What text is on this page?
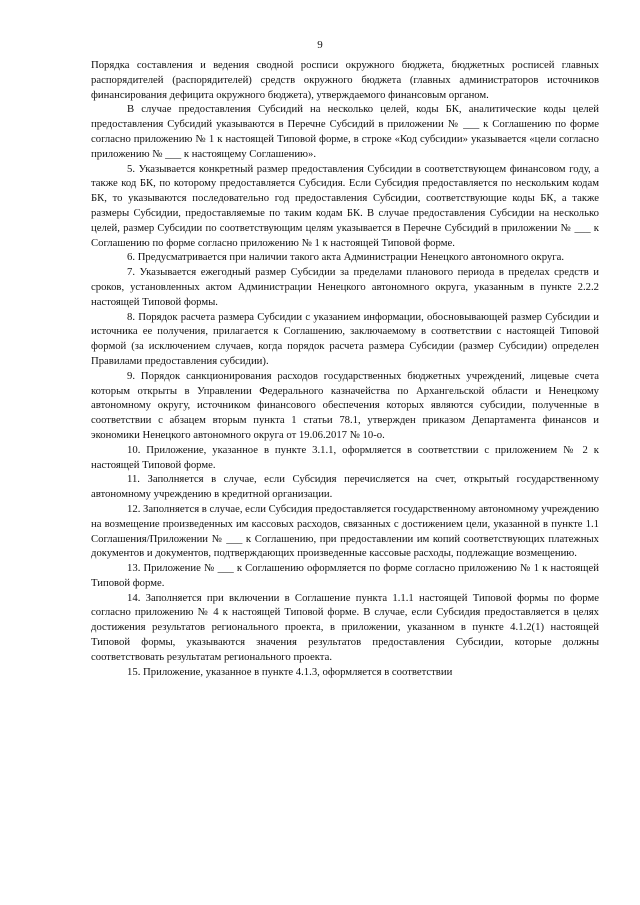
9

Порядка составления и ведения сводной росписи окружного бюджета, бюджетных росписей главных распорядителей (распорядителей) средств окружного бюджета (главных администраторов источников финансирования дефицита окружного бюджета), утверждаемого финансовым органом.

В случае предоставления Субсидий на несколько целей, коды БК, аналитические коды целей предоставления Субсидий указываются в Перечне Субсидий в приложении № ___ к Соглашению по форме согласно приложению № 1 к настоящей Типовой форме, в строке «Код субсидии» указывается «цели согласно приложению № ___ к настоящему Соглашению».

5. Указывается конкретный размер предоставления Субсидии в соответствующем финансовом году, а также код БК, по которому предоставляется Субсидия. Если Субсидия предоставляется по нескольким кодам БК, то указываются последовательно год предоставления Субсидии, соответствующие коды БК, а также размеры Субсидии, предоставляемые по таким кодам БК. В случае предоставления Субсидии на несколько целей, размер Субсидии по соответствующим целям указывается в Перечне Субсидий в приложении № ___ к Соглашению по форме согласно приложению № 1 к настоящей Типовой форме.

6. Предусматривается при наличии такого акта Администрации Ненецкого автономного округа.

7. Указывается ежегодный размер Субсидии за пределами планового периода в пределах средств и сроков, установленных актом Администрации Ненецкого автономного округа, указанным в пункте 2.2.2 настоящей Типовой формы.

8. Порядок расчета размера Субсидии с указанием информации, обосновывающей размер Субсидии и источника ее получения, прилагается к Соглашению, заключаемому в соответствии с настоящей Типовой формой (за исключением случаев, когда порядок расчета размера Субсидии (размер Субсидии) определен Правилами предоставления субсидии).

9. Порядок санкционирования расходов государственных бюджетных учреждений, лицевые счета которым открыты в Управлении Федерального казначейства по Архангельской области и Ненецкому автономному округу, источником финансового обеспечения которых являются субсидии, полученные в соответствии с абзацем вторым пункта 1 статьи 78.1, утвержден приказом Департамента финансов и экономики Ненецкого автономного округа от 19.06.2017 № 10-о.

10. Приложение, указанное в пункте 3.1.1, оформляется в соответствии с приложением № 2 к настоящей Типовой форме.

11. Заполняется в случае, если Субсидия перечисляется на счет, открытый государственному автономному учреждению в кредитной организации.

12. Заполняется в случае, если Субсидия предоставляется государственному автономному учреждению на возмещение произведенных им кассовых расходов, связанных с достижением цели, указанной в пункте 1.1 Соглашения/Приложении № ___ к Соглашению, при предоставлении им копий соответствующих платежных документов и документов, подтверждающих произведенные кассовые расходы, подлежащие возмещению.

13. Приложение № ___ к Соглашению оформляется по форме согласно приложению № 1 к настоящей Типовой форме.

14. Заполняется при включении в Соглашение пункта 1.1.1 настоящей Типовой формы по форме согласно приложению № 4 к настоящей Типовой форме. В случае, если Субсидия предоставляется в целях достижения результатов регионального проекта, в приложении, указанном в пункте 4.1.2(1) настоящей Типовой формы, указываются значения результатов предоставления Субсидии, которые должны соответствовать результатам регионального проекта.

15. Приложение, указанное в пункте 4.1.3, оформляется в соответствии
